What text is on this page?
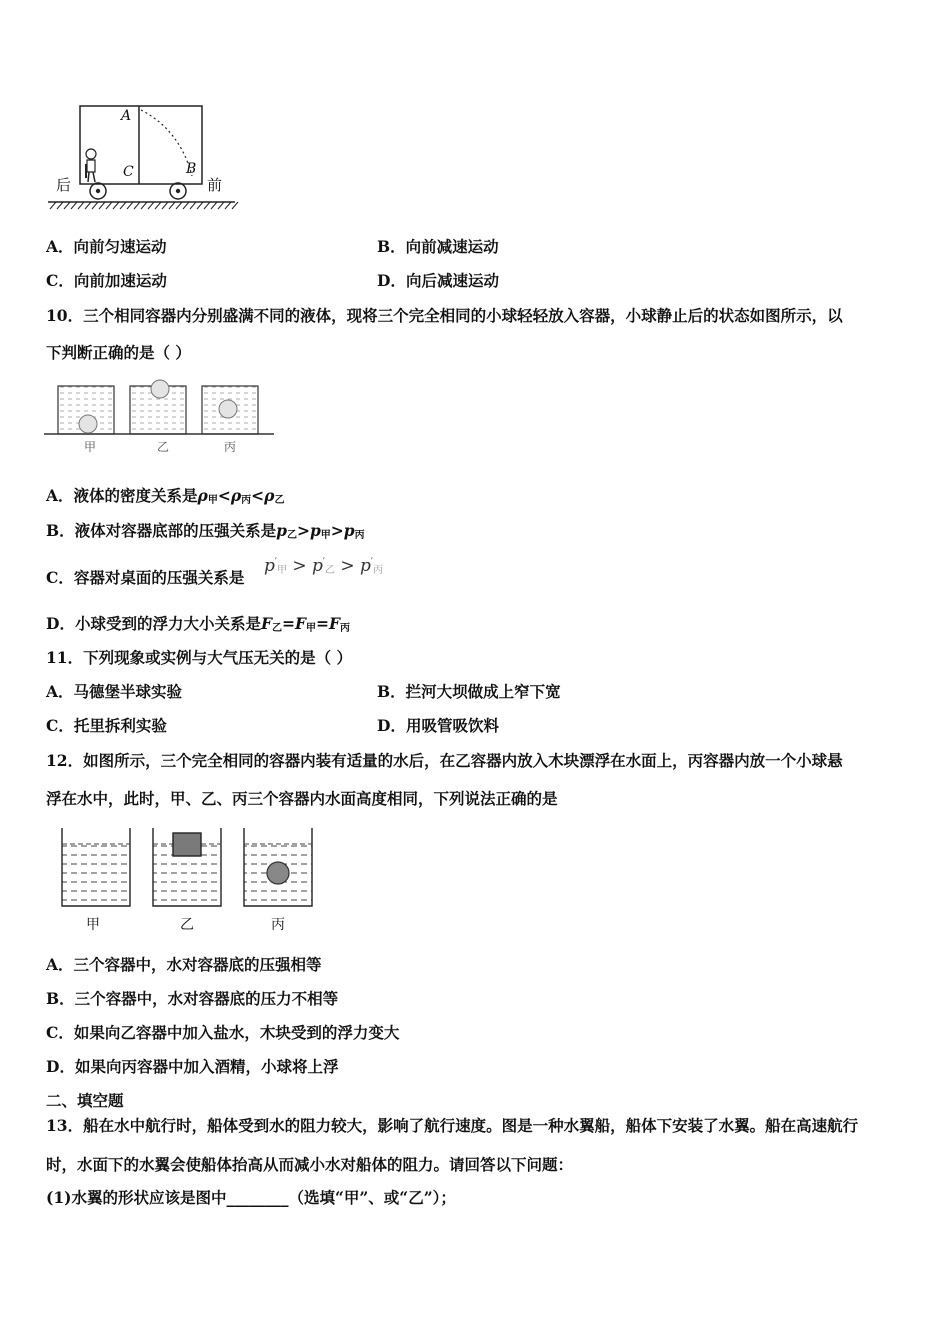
A
B
C
后	前
A．向前匀速运动	B．向前减速运动
C．向前加速运动	D．向后减速运动
10．三个相同容器内分别盛满不同的液体，现将三个完全相同的小球轻轻放入容器，小球静止后的状态如图所示，以
下判断正确的是（ ）
甲	乙	丙
A．液体的密度关系是$\rho_甲<\rho_丙<\rho_乙$
B．液体对容器底部的压强关系是$p_乙>p_甲>p_丙$
C．容器对桌面的压强关系是
$p'_甲 > p'_乙 > p'_丙$
D．小球受到的浮力大小关系是$F_乙=F_甲=F_丙$
11．下列现象或实例与大气压无关的是（ ）
A．马德堡半球实验	B．拦河大坝做成上窄下宽
C．托里拆利实验	D．用吸管吸饮料
12．如图所示，三个完全相同的容器内装有适量的水后，在乙容器内放入木块漂浮在水面上，丙容器内放一个小球悬
浮在水中，此时，甲、乙、丙三个容器内水面高度相同，下列说法正确的是
甲	乙	丙
A．三个容器中，水对容器底的压强相等
B．三个容器中，水对容器底的压力不相等
C．如果向乙容器中加入盐水，木块受到的浮力变大
D．如果向丙容器中加入酒精，小球将上浮
二、填空题
13．船在水中航行时，船体受到水的阻力较大，影响了航行速度。图是一种水翼船，船体下安装了水翼。船在高速航行
时，水面下的水翼会使船体抬高从而减小水对船体的阻力。请回答以下问题：
(1)水翼的形状应该是图中________（选填“甲”、或“乙”）；
